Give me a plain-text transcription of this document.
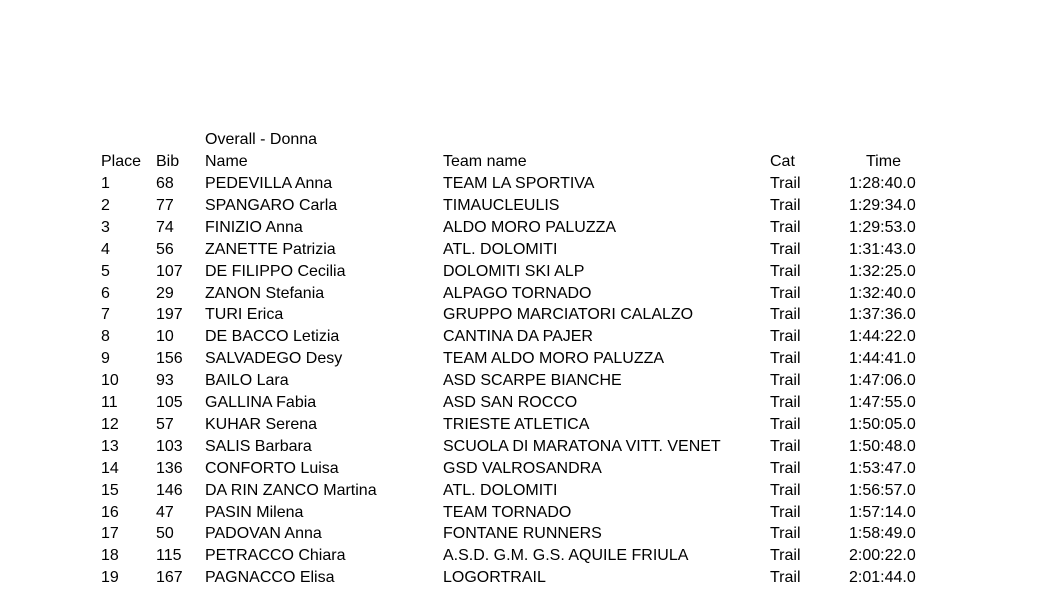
Overall - Donna
Place Bib Name	Team name	Cat	Time
1	68 PEDEVILLA Anna	TEAM LA SPORTIVA	Trail	1:28:40.0
2	77 SPANGARO Carla	TIMAUCLEULIS	Trail	1:29:34.0
3	74 FINIZIO Anna	ALDO MORO PALUZZA	Trail	1:29:53.0
4	56 ZANETTE Patrizia	ATL. DOLOMITI	Trail	1:31:43.0
5	107 DE FILIPPO Cecilia	DOLOMITI SKI ALP	Trail	1:32:25.0
6	29 ZANON Stefania	ALPAGO TORNADO	Trail	1:32:40.0
7	197 TURI Erica	GRUPPO MARCIATORI CALALZO	Trail	1:37:36.0
8	10 DE BACCO Letizia	CANTINA DA PAJER	Trail	1:44:22.0
9	156 SALVADEGO Desy	TEAM ALDO MORO PALUZZA	Trail	1:44:41.0
10 93 BAILO Lara	ASD SCARPE BIANCHE	Trail	1:47:06.0
11 105 GALLINA Fabia	ASD SAN ROCCO	Trail	1:47:55.0
12 57 KUHAR Serena	TRIESTE ATLETICA	Trail	1:50:05.0
13 103 SALIS Barbara	SCUOLA DI MARATONA VITT. VENET	Trail	1:50:48.0
14 136 CONFORTO Luisa	GSD VALROSANDRA	Trail	1:53:47.0
15 146 DA RIN ZANCO Martina	ATL. DOLOMITI	Trail	1:56:57.0
16 47 PASIN Milena	TEAM TORNADO	Trail	1:57:14.0
17 50 PADOVAN Anna	FONTANE RUNNERS	Trail	1:58:49.0
18 115 PETRACCO Chiara	A.S.D. G.M. G.S. AQUILE FRIULA	Trail	2:00:22.0
19 167 PAGNACCO Elisa	LOGORTRAIL	Trail	2:01:44.0
